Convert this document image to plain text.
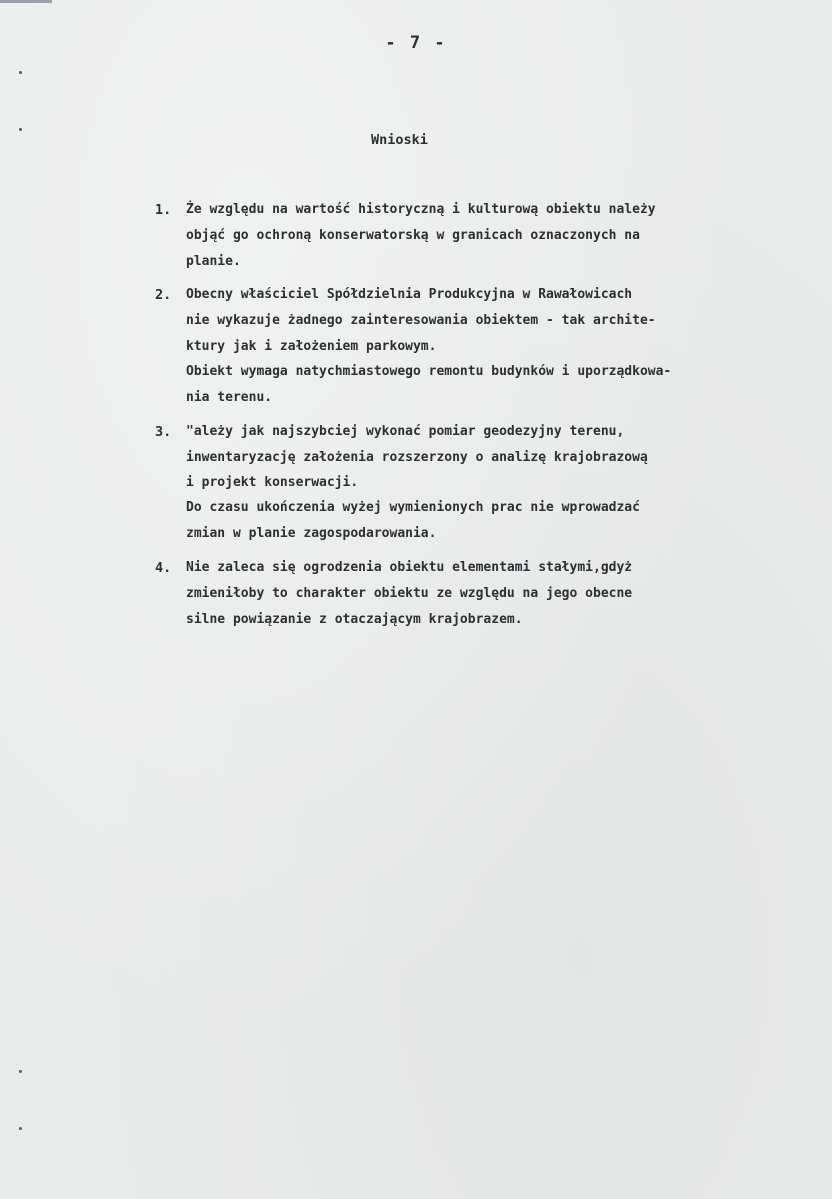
- 7 -
Wnioski
1. Że względu na wartość historyczną i kulturową obiektu należy
objąć go ochroną konserwatorską w granicach oznaczonych na
planie.
2. Obecny właściciel Spółdzielnia Produkcyjna w Rawałowicach
nie wykazuje żadnego zainteresowania obiektem - tak archite-
ktury jak i założeniem parkowym.
Obiekt wymaga natychmiastowego remontu budynków i uporządkowa-
nia terenu.
3. "ależy jak najszybciej wykonać pomiar geodezyjny terenu,
inwentaryzację założenia rozszerzony o analizę krajobrazową
i projekt konserwacji.
Do czasu ukończenia wyżej wymienionych prac nie wprowadzać
zmian w planie zagospodarowania.
4. Nie zaleca się ogrodzenia obiektu elementami stałymi,gdyż
zmieniłoby to charakter obiektu ze względu na jego obecne
silne powiązanie z otaczającym krajobrazem.
